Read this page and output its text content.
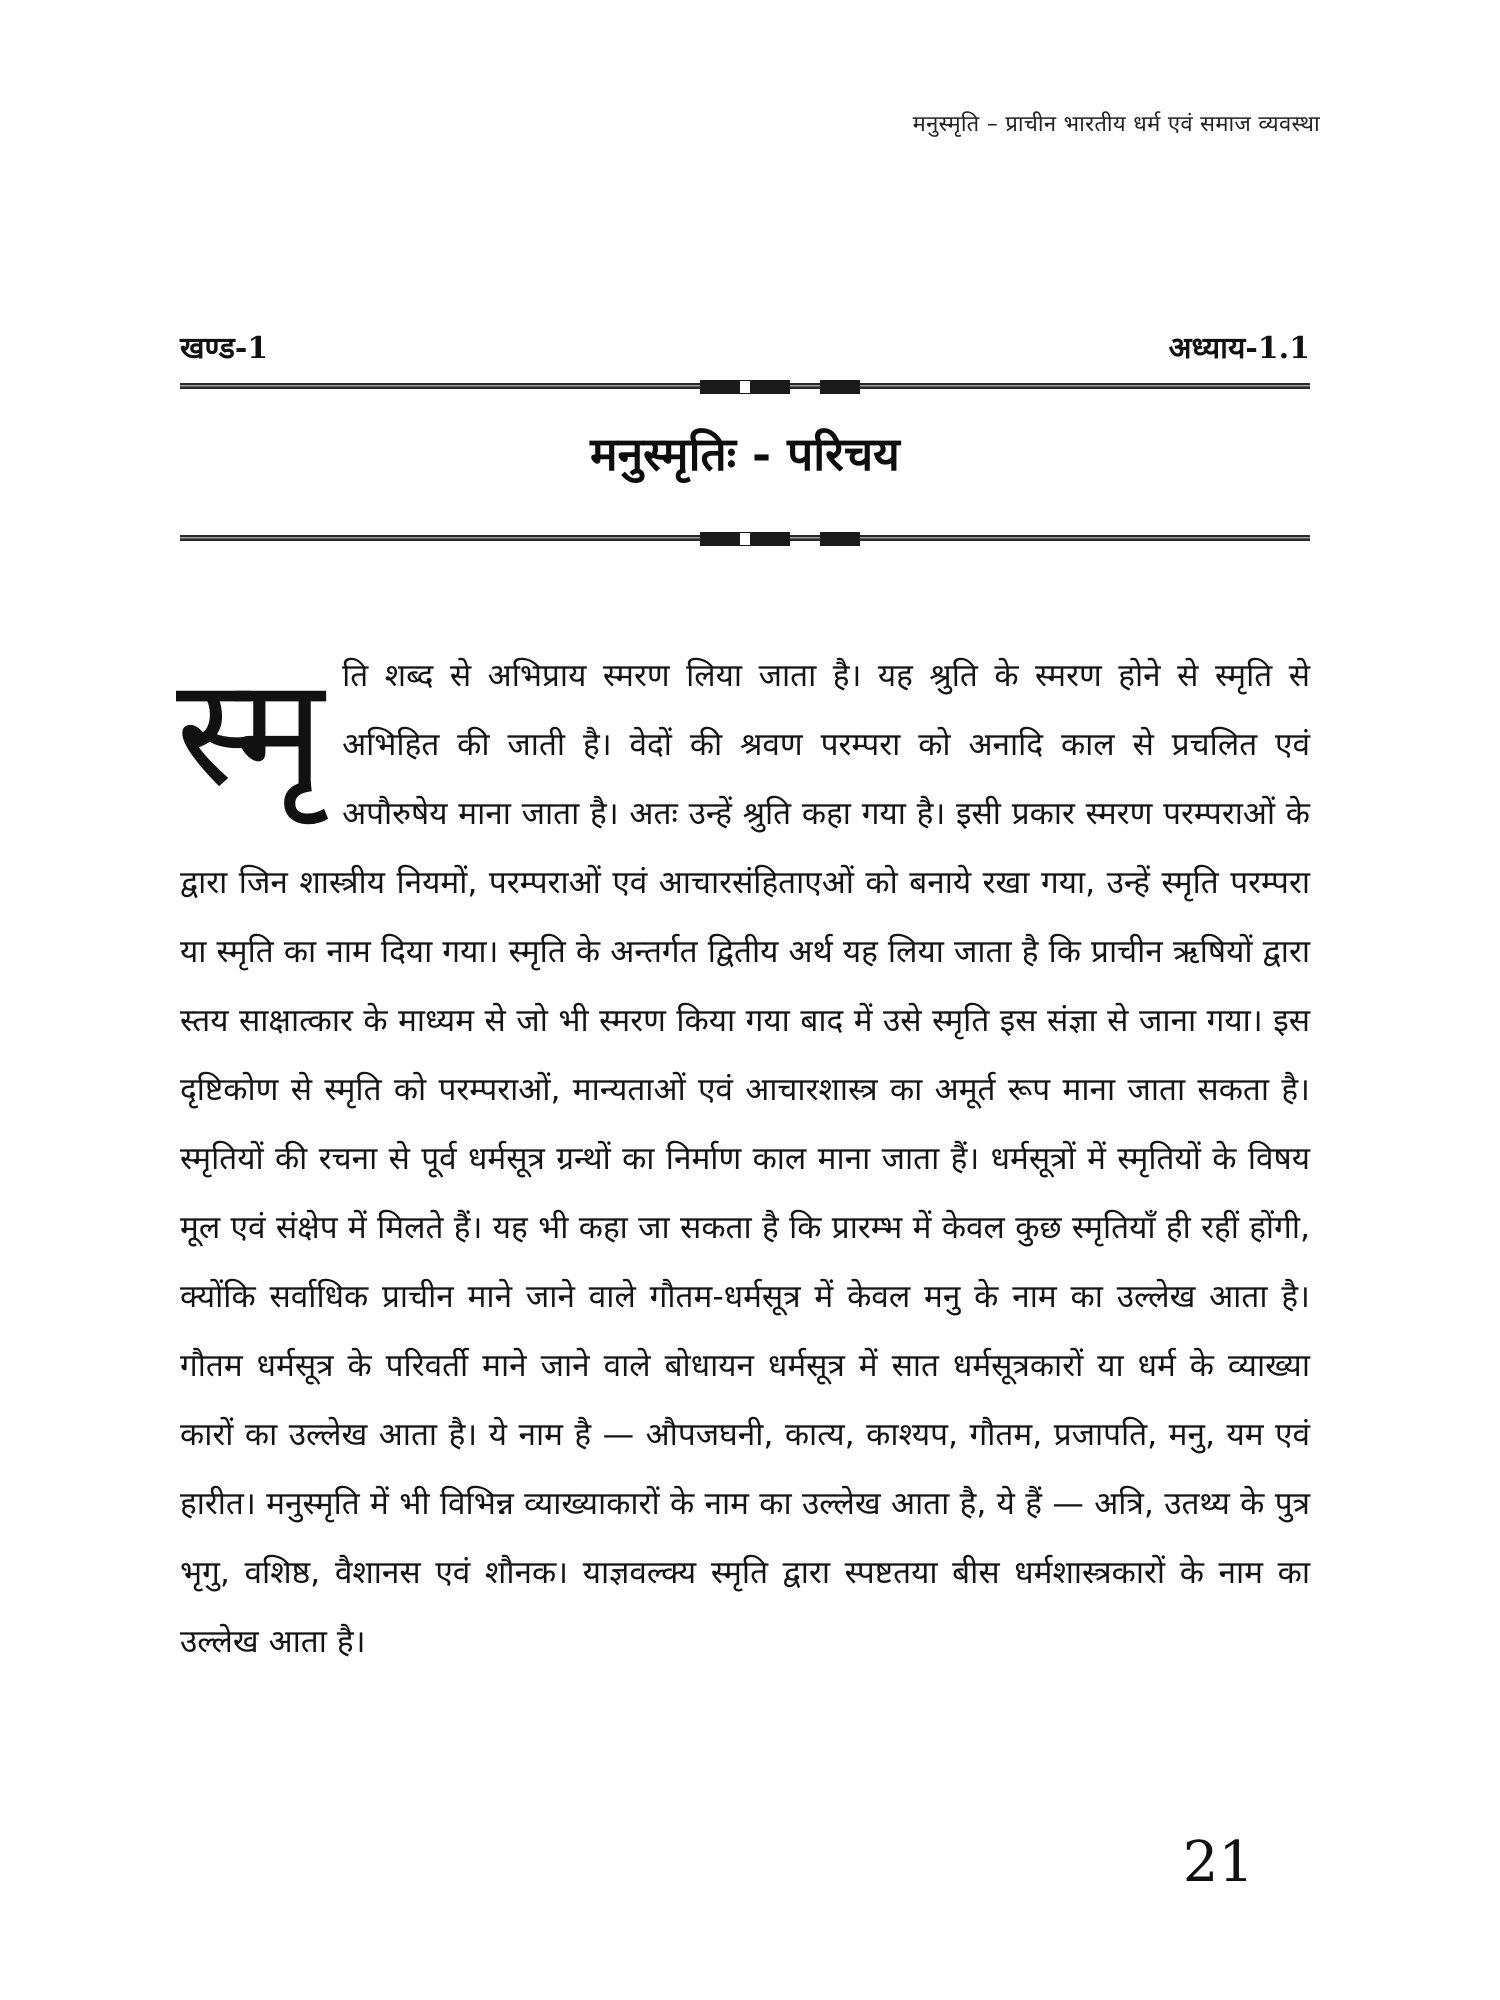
मनुस्मृति – प्राचीन भारतीय धर्म एवं समाज व्यवस्था
खण्ड-1	अध्याय-1.1
मनुस्मृतिः - परिचय
स्मृ ति शब्द से अभिप्राय स्मरण लिया जाता है। यह श्रुति के स्मरण होने से स्मृति से अभिहित की जाती है। वेदों की श्रवण परम्परा को अनादि काल से प्रचलित एवं अपौरुषेय माना जाता है। अतः उन्हें श्रुति कहा गया है। इसी प्रकार स्मरण परम्पराओं के द्वारा जिन शास्त्रीय नियमों, परम्पराओं एवं आचारसंहिताएओं को बनाये रखा गया, उन्हें स्मृति परम्परा या स्मृति का नाम दिया गया। स्मृति के अन्तर्गत द्वितीय अर्थ यह लिया जाता है कि प्राचीन ऋषियों द्वारा स्तय साक्षात्कार के माध्यम से जो भी स्मरण किया गया बाद में उसे स्मृति इस संज्ञा से जाना गया। इस दृष्टिकोण से स्मृति को परम्पराओं, मान्यताओं एवं आचारशास्त्र का अमूर्त रूप माना जाता सकता है। स्मृतियों की रचना से पूर्व धर्मसूत्र ग्रन्थों का निर्माण काल माना जाता हैं। धर्मसूत्रों में स्मृतियों के विषय मूल एवं संक्षेप में मिलते हैं। यह भी कहा जा सकता है कि प्रारम्भ में केवल कुछ स्मृतियाँ ही रहीं होंगी, क्योंकि सर्वाधिक प्राचीन माने जाने वाले गौतम-धर्मसूत्र में केवल मनु के नाम का उल्लेख आता है। गौतम धर्मसूत्र के परिवर्ती माने जाने वाले बोधायन धर्मसूत्र में सात धर्मसूत्रकारों या धर्म के व्याख्या कारों का उल्लेख आता है। ये नाम है — औपजघनी, कात्य, काश्यप, गौतम, प्रजापति, मनु, यम एवं हारीत। मनुस्मृति में भी विभिन्न व्याख्याकारों के नाम का उल्लेख आता है, ये हैं — अत्रि, उतथ्य के पुत्र भृगु, वशिष्ठ, वैशानस एवं शौनक। याज्ञवल्क्य स्मृति द्वारा स्पष्टतया बीस धर्मशास्त्रकारों के नाम का उल्लेख आता है।
21
